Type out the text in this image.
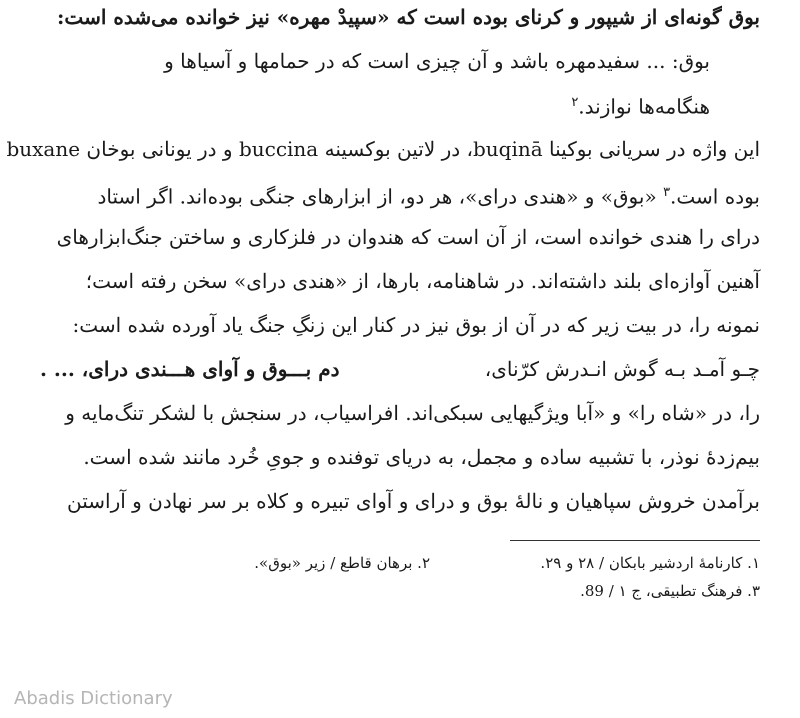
بوق گونه‌ای از شیپور و کرنای بوده است که «سپیدْ مهره» نیز خوانده می‌شده است:
بوق: ... سفیدمهره باشد و آن چیزی است که در حمامها و آسیاها و
هنگامه‌ها نوازند.$^۲$
این واژه در سریانی بوکینا buqinā، در لاتین بوکسینه buccina و در یونانی بوخان buxane
بوده است.$^۳$ «بوق» و «هندی درای»، هر دو، از ابزارهای جنگی بوده‌اند. اگر استاد
درای را هندی خوانده است، از آن است که هندوان در فلزکاری و ساختن جنگ‌ابزارهای
آهنین آوازه‌ای بلند داشته‌اند. در شاهنامه، بارها، از «هندی درای» سخن رفته است؛
نمونه را، در بیت زیر که در آن از بوق نیز در کنار این زنگِ جنگ یاد آورده شده است:
چـو آمـد بـه گوش انـدرش کرّنای،
دم بـــوق و آوای هـــندی درای، ... .
را، در «شاه را» و «آبا ویژگیهایی سبکی‌اند. افراسیاب، در سنجش با لشکر تنگ‌مایه و
بیم‌زدهٔ نوذر، با تشبیه ساده و مجمل، به دریای توفنده و جویِ خُرد مانند شده است.
برآمدن خروش سپاهیان و نالهٔ بوق و درای و آوای تبیره و کلاه بر سر نهادن و آراستن
۱. کارنامهٔ اردشیر بابکان / ۲۸ و ۲۹.
۲. برهان قاطع / زیر «بوق».
۳. فرهنگ تطبیقی، ج ۱ / 89.
Abadis Dictionary
